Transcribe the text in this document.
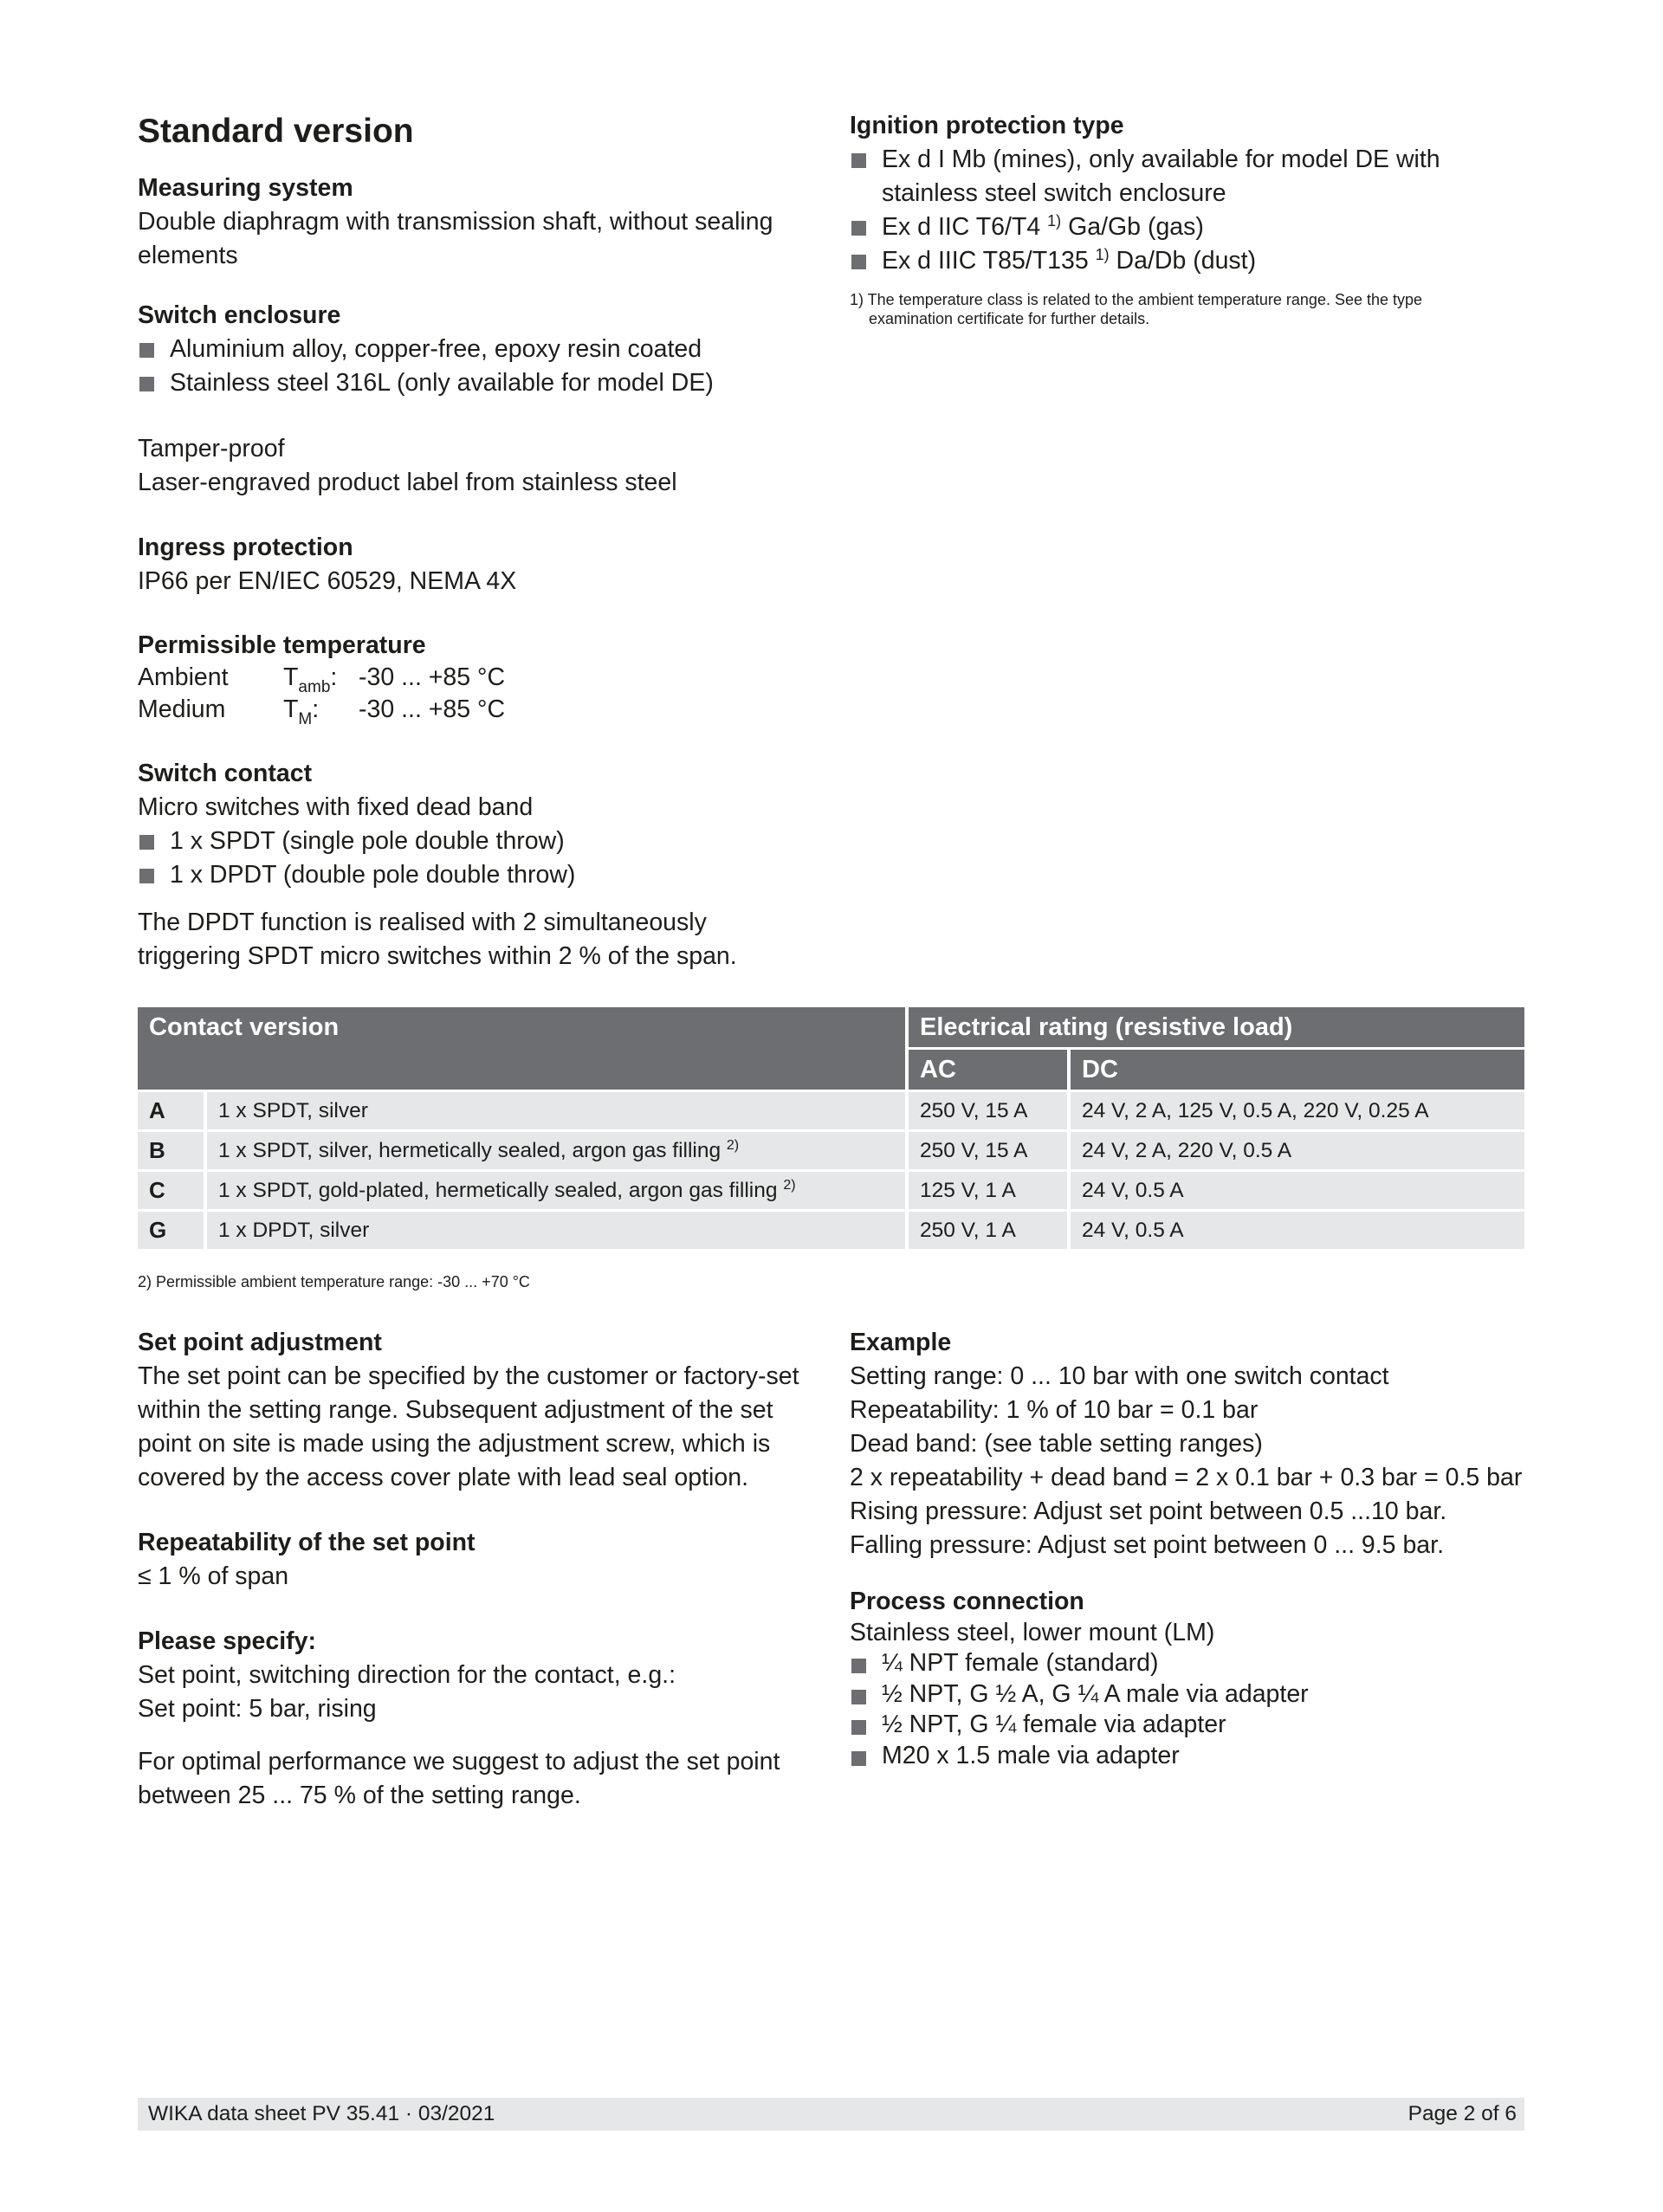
Standard version

Measuring system

Double diaphragm with transmission shaft, without sealing elements

Switch enclosure

Aluminium alloy, copper-free, epoxy resin coated
Stainless steel 316L (only available for model DE)

Tamper-proof

Laser-engraved product label from stainless steel

Ingress protection

IP66 per EN/IEC 60529, NEMA 4X

Permissible temperature

Ambient	$T_{amb}$: -30 ... +85 °C
Medium	$T_M$:	-30 ... +85 °C

Switch contact

Micro switches with fixed dead band

1 x SPDT (single pole double throw)
1 x DPDT (double pole double throw)

The DPDT function is realised with 2 simultaneously triggering SPDT micro switches within 2 % of the span.

Ignition protection type

Ex d I Mb (mines), only available for model DE with stainless steel switch enclosure
Ex d IIC T6/T4 $^{1)}$ Ga/Gb (gas)
Ex d IIIC T85/T135 $^{1)}$ Da/Db (dust)
1) The temperature class is related to the ambient temperature range. See the type
examination certificate for further details.
Contact version		Electrical rating (resistive load)	
		AC	DC
A	1 x SPDT, silver	250 V, 15 A	24 V, 2 A, 125 V, 0.5 A, 220 V, 0.25 A
B	1 x SPDT, silver, hermetically sealed, argon gas filling $^{2)}$	250 V, 15 A	24 V, 2 A, 220 V, 0.5 A
C	1 x SPDT, gold-plated, hermetically sealed, argon gas filling $^{2)}$	125 V, 1 A	24 V, 0.5 A
G	1 x DPDT, silver	250 V, 1 A	24 V, 0.5 A
2) Permissible ambient temperature range: -30 ... +70 °C

Set point adjustment

The set point can be specified by the customer or factory-set within the setting range. Subsequent adjustment of the set point on site is made using the adjustment screw, which is covered by the access cover plate with lead seal option.

Repeatability of the set point

≤ 1 % of span

Please specify:

Set point, switching direction for the contact, e.g.:

Set point: 5 bar, rising

For optimal performance we suggest to adjust the set point between 25 ... 75 % of the setting range.

Example

Setting range: 0 ... 10 bar with one switch contact

Repeatability: 1 % of 10 bar = 0.1 bar

Dead band: (see table setting ranges)

2 x repeatability + dead band = 2 x 0.1 bar + 0.3 bar = 0.5 bar

Rising pressure: Adjust set point between 0.5 ...10 bar.

Falling pressure: Adjust set point between 0 ... 9.5 bar.

Process connection

Stainless steel, lower mount (LM)

¼ NPT female (standard)
½ NPT, G ½ A, G ¼ A male via adapter
½ NPT, G ¼ female via adapter
M20 x 1.5 male via adapter
WIKA data sheet PV 35.41 · 03/2021	Page 2 of 6
